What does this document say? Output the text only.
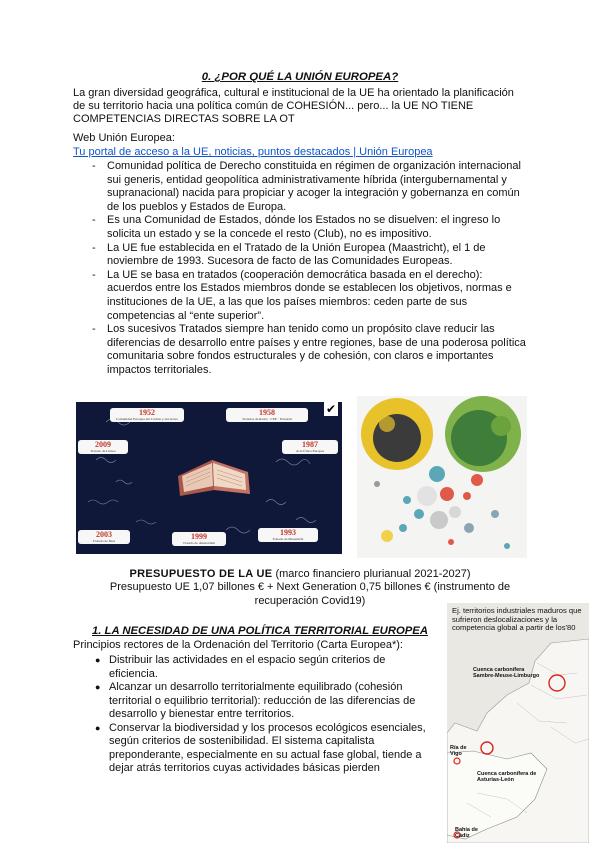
0. ¿POR QUÉ LA UNIÓN EUROPEA?
La gran diversidad geográfica, cultural e institucional de la UE ha orientado la planificación
de su territorio hacia una política común de COHESIÓN... pero... la UE NO TIENE
COMPETENCIAS DIRECTAS SOBRE LA OT
Web Unión Europea:
Tu portal de acceso a la UE, noticias, puntos destacados | Unión Europea
- Comunidad política de Derecho constituida en régimen de organización internacional sui generis, entidad geopolítica administrativamente híbrida (intergubernamental y supranacional) nacida para propiciar y acoger la integración y gobernanza en común de los pueblos y Estados de Europa.
- Es una Comunidad de Estados, dónde los Estados no se disuelven: el ingreso lo solicita un estado y se la concede el resto (Club), no es impositivo.
- La UE fue establecida en el Tratado de la Unión Europea (Maastricht), el 1 de noviembre de 1993. Sucesora de facto de las Comunidades Europeas.
- La UE se basa en tratados (cooperación democrática basada en el derecho): acuerdos entre los Estados miembros donde se establecen los objetivos, normas e instituciones de la UE, a las que los países miembros: ceden parte de sus competencias al “ente superior”.
- Los sucesivos Tratados siempre han tenido como un propósito clave reducir las diferencias de desarrollo entre países y entre regiones, base de una poderosa política comunitaria sobre fondos estructurales y de cohesión, con claros e importantes impactos territoriales.
1952
Comunidad Europea del Carbón y del Acero
1958
Tratados de Roma · CEE · Euratom
2009
Tratado de Lisboa
1987
Acta Única Europea
2003
Tratado de Niza	1999
Tratado de Ámsterdam
1993
Tratado de Maastricht
✔
PRESUPUESTO DE LA UE (marco financiero plurianual 2021-2027)
Presupuesto UE 1,07 billones € + Next Generation 0,75 billones € (instrumento de recuperación Covid19)
1. LA NECESIDAD DE UNA POLÍTICA TERRITORIAL EUROPEA
Principios rectores de la Ordenación del Territorio (Carta Europea*):
● Distribuir las actividades en el espacio según criterios de eficiencia.
● Alcanzar un desarrollo territorialmente equilibrado (cohesión territorial o equilibrio territorial): reducción de las diferencias de desarrollo y bienestar entre territorios.
● Conservar la biodiversidad y los procesos ecológicos esenciales, según criterios de sostenibilidad. El sistema capitalista preponderante, especialmente en su actual fase global, tiende a dejar atrás territorios cuyas actividades básicas pierden
Ej. territorios industriales maduros que sufrieron deslocalizaciones y la competencia global a partir de los'80
Cuenca carbonífera Sambre-Meuse-Limburgo
Ría de Vigo
Cuenca carbonífera de Asturias-León
Bahía de Cádiz
